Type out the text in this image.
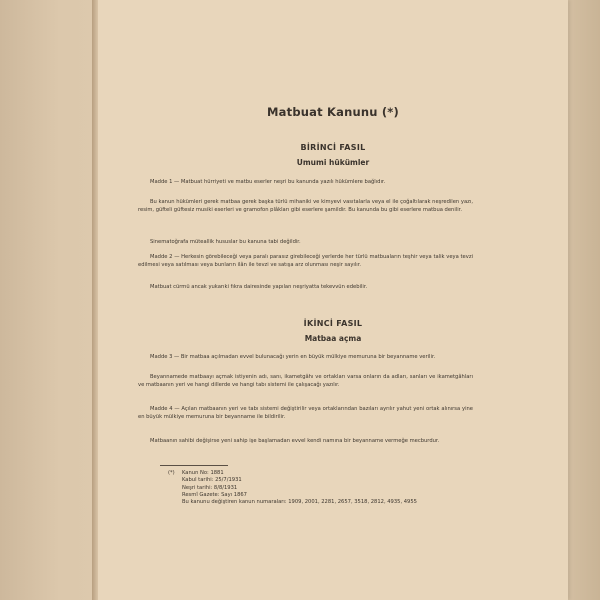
Matbuat Kanunu (*)
BİRİNCİ FASIL
Umumi hükümler
Madde 1 — Matbuat hürriyeti ve matbu eserler neşri bu kanunda yazılı hükümlere bağlıdır.
Bu kanun hükümleri gerek matbaa gerek başka türlü mihaniki ve kimyevi vasıtalarla veya el ile çoğaltılarak neşredilen yazı, resim, güfteli güftesiz musiki eserleri ve gramofon plâkları gibi eserlere şamildir. Bu kanunda bu gibi eserlere matbua denilir.
Sinematoğrafa müteallik hususlar bu kanuna tabi değildir.
Madde 2 — Herkesin görebileceği veya paralı parasız girebileceği yerlerde her türlü matbuaların teşhir veya talik veya tevzi edilmesi veya satılması veya bunların ilân ile tevzi ve satışa arz olunması neşir sayılır.
Matbuat cürmü ancak yukarıki fıkra dairesinde yapılan neşriyatta tekevvün edebilir.
İKİNCİ FASIL
Matbaa açma
Madde 3 — Bir matbaa açılmadan evvel bulunacağı yerin en büyük mülkiye memuruna bir beyanname verilir.
Beyannamede matbaayı açmak istiyenin adı, sanı, ikametgâhı ve ortakları varsa onların da adları, sanları ve ikametgâhları ve matbaanın yeri ve hangi dillerde ve hangi tabı sistemi ile çalışacağı yazılır.
Madde 4 — Açılan matbaanın yeri ve tabı sistemi değiştirilir veya ortaklarından bazıları ayrılır yahut yeni ortak alınırsa yine en büyük mülkiye memuruna bir beyanname ile bildirilir.
Matbaanın sahibi değişirse yeni sahip işe başlamadan evvel kendi namına bir beyanname vermeğe mecburdur.
(*) Kanun No: 1881
Kabul tarihi: 25/7/1931
Neşri tarihi: 8/8/1931
Resmî Gazete: Sayı 1867
Bu kanunu değiştiren kanun numaraları: 1909, 2001, 2281, 2657, 3518, 2812, 4935, 4955
